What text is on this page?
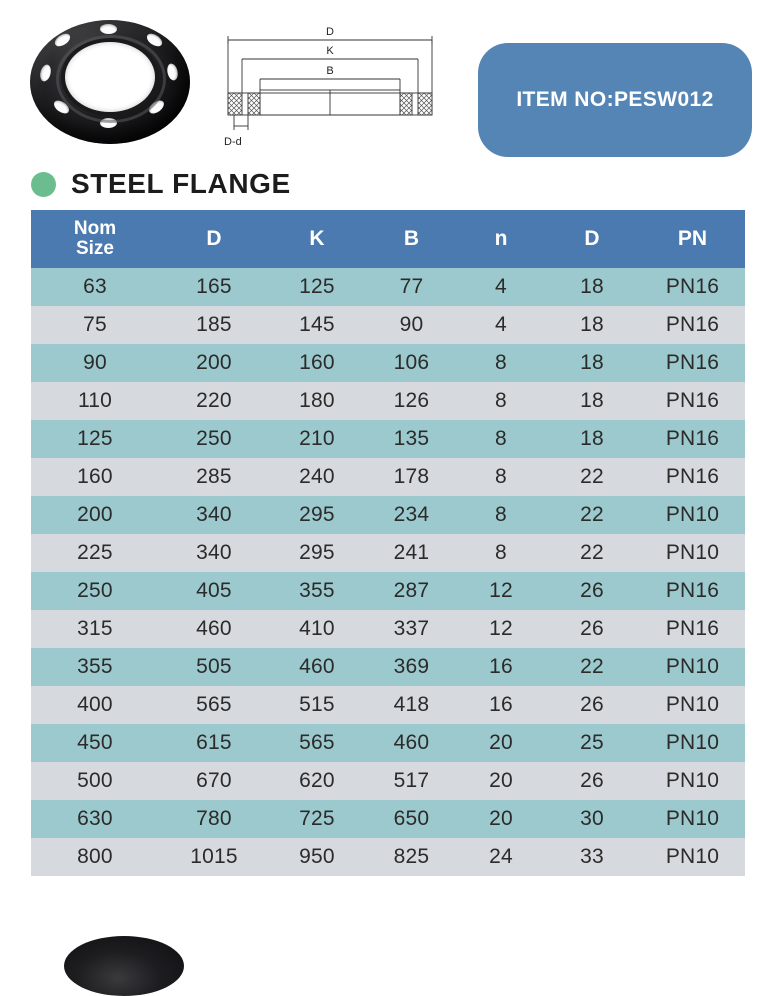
D
K
B
D-d
ITEM NO:PESW012
STEEL FLANGE
Nom
Size	D	K	B	n	D	PN
63	165	125	77	4	18	PN16
75	185	145	90	4	18	PN16
90	200	160	106	8	18	PN16
110	220	180	126	8	18	PN16
125	250	210	135	8	18	PN16
160	285	240	178	8	22	PN16
200	340	295	234	8	22	PN10
225	340	295	241	8	22	PN10
250	405	355	287	12	26	PN16
315	460	410	337	12	26	PN16
355	505	460	369	16	22	PN10
400	565	515	418	16	26	PN10
450	615	565	460	20	25	PN10
500	670	620	517	20	26	PN10
630	780	725	650	20	30	PN10
800	1015	950	825	24	33	PN10
